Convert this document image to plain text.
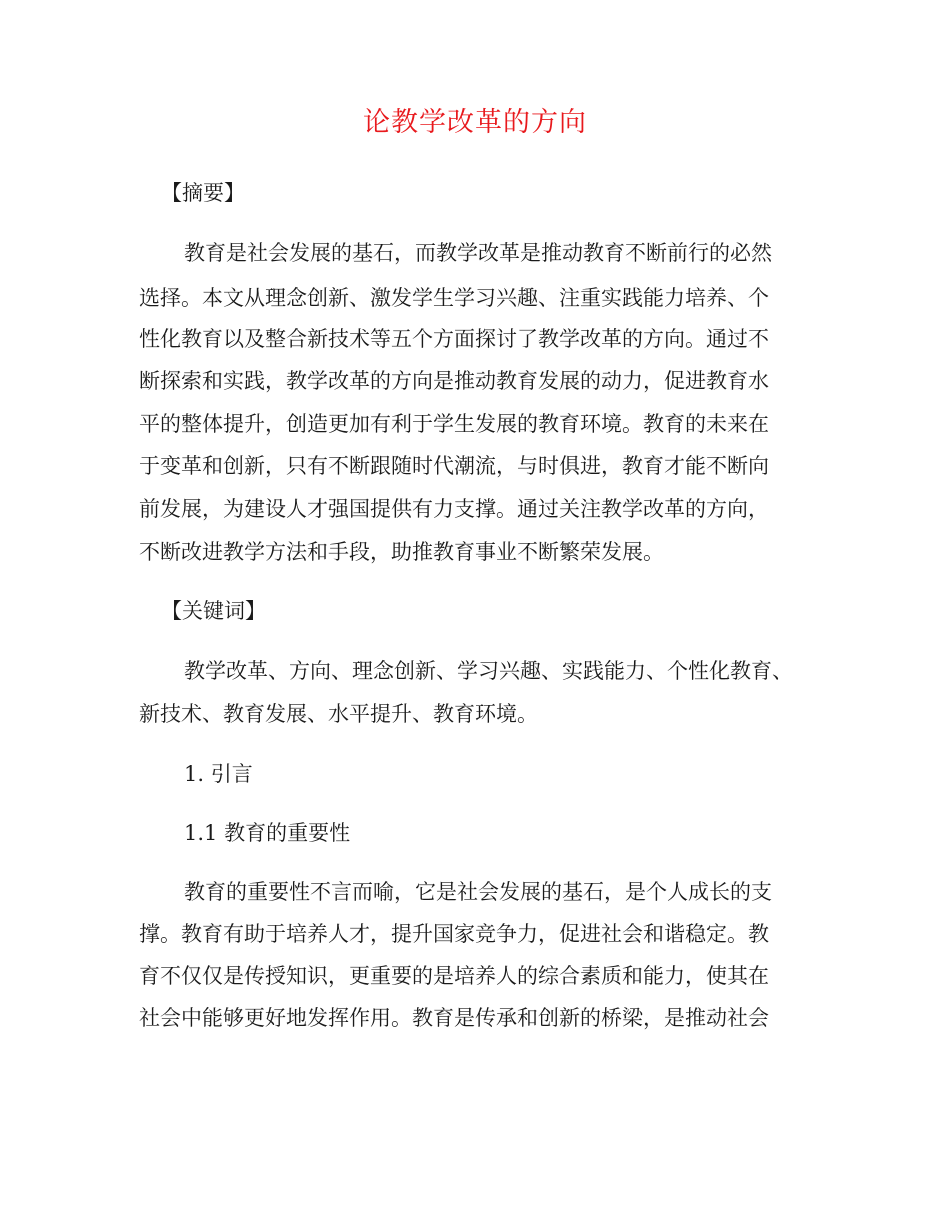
论教学改革的方向

【摘要】

教育是社会发展的基石，而教学改革是推动教育不断前行的必然

选择。本文从理念创新、激发学生学习兴趣、注重实践能力培养、个

性化教育以及整合新技术等五个方面探讨了教学改革的方向。通过不

断探索和实践，教学改革的方向是推动教育发展的动力，促进教育水

平的整体提升，创造更加有利于学生发展的教育环境。教育的未来在

于变革和创新，只有不断跟随时代潮流，与时俱进，教育才能不断向

前发展，为建设人才强国提供有力支撑。通过关注教学改革的方向，

不断改进教学方法和手段，助推教育事业不断繁荣发展。

【关键词】

教学改革、方向、理念创新、学习兴趣、实践能力、个性化教育、

新技术、教育发展、水平提升、教育环境。

1. 引言

1.1 教育的重要性

教育的重要性不言而喻，它是社会发展的基石，是个人成长的支

撑。教育有助于培养人才，提升国家竞争力，促进社会和谐稳定。教

育不仅仅是传授知识，更重要的是培养人的综合素质和能力，使其在

社会中能够更好地发挥作用。教育是传承和创新的桥梁，是推动社会
